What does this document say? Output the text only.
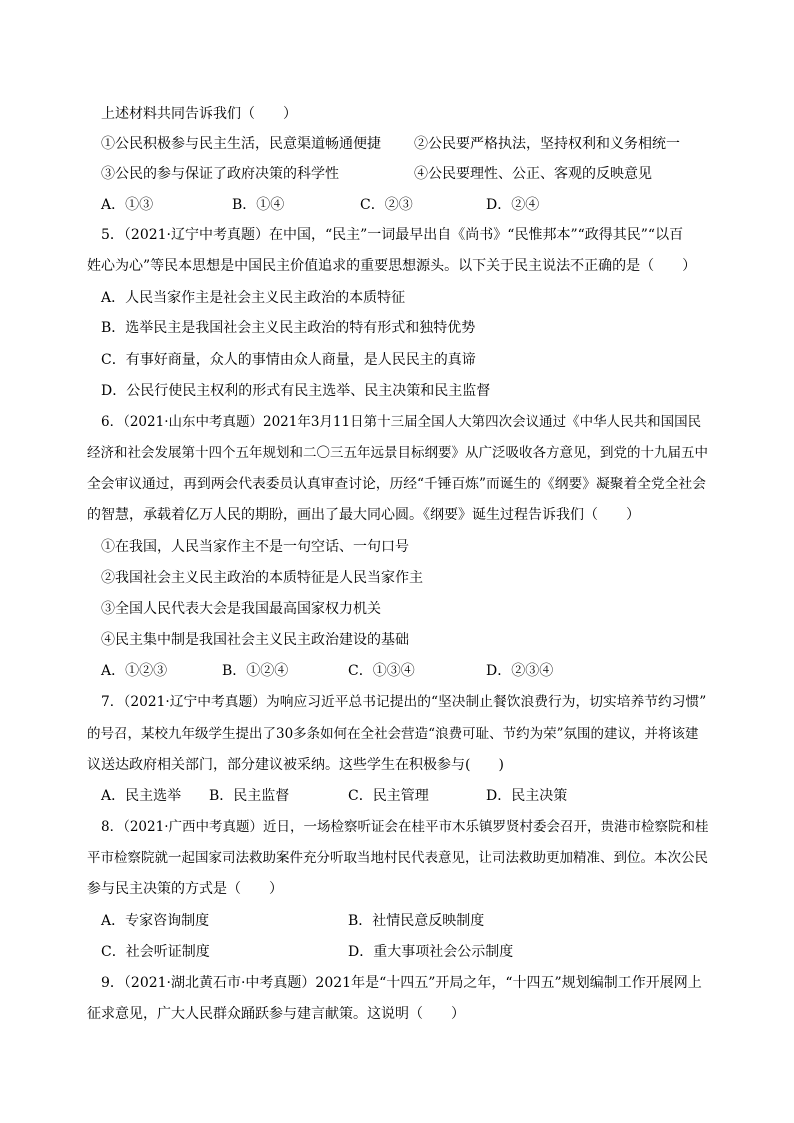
上述材料共同告诉我们（　　）
①公民积极参与民主生活，民意渠道畅通便捷 ②公民要严格执法，坚持权利和义务相统一
③公民的参与保证了政府决策的科学性	④公民要理性、公正、客观的反映意见
A．①③	B．①④	C．②③	D．②④
5．（2021·辽宁中考真题）在中国，“民主”一词最早出自《尚书》“民惟邦本”“政得其民”“以百
姓心为心”等民本思想是中国民主价值追求的重要思想源头。以下关于民主说法不正确的是（　　）
A．人民当家作主是社会主义民主政治的本质特征
B．选举民主是我国社会主义民主政治的特有形式和独特优势
C．有事好商量，众人的事情由众人商量，是人民民主的真谛
D．公民行使民主权利的形式有民主选举、民主决策和民主监督
6．（2021·山东中考真题）2021年3月11日第十三届全国人大第四次会议通过《中华人民共和国国民
经济和社会发展第十四个五年规划和二〇三五年远景目标纲要》从广泛吸收各方意见，到党的十九届五中
全会审议通过，再到两会代表委员认真审查讨论，历经“千锤百炼”而诞生的《纲要》凝聚着全党全社会
的智慧，承载着亿万人民的期盼，画出了最大同心圆。《纲要》诞生过程告诉我们（　　）
①在我国，人民当家作主不是一句空话、一句口号
②我国社会主义民主政治的本质特征是人民当家作主
③全国人民代表大会是我国最高国家权力机关
④民主集中制是我国社会主义民主政治建设的基础
A．①②③	B．①②④	C．①③④	D．②③④
7．（2021·辽宁中考真题）为响应习近平总书记提出的“坚决制止餐饮浪费行为，切实培养节约习惯”
的号召，某校九年级学生提出了30多条如何在全社会营造“浪费可耻、节约为荣”氛围的建议，并将该建
议送达政府相关部门，部分建议被采纳。这些学生在积极参与(　　)
A．民主选举 B．民主监督	C．民主管理	D．民主决策
8．（2021·广西中考真题）近日，一场检察听证会在桂平市木乐镇罗贤村委会召开，贵港市检察院和桂
平市检察院就一起国家司法救助案件充分听取当地村民代表意见，让司法救助更加精准、到位。本次公民
参与民主决策的方式是（　　）
A．专家咨询制度	B．社情民意反映制度
C．社会听证制度	D．重大事项社会公示制度
9．（2021·湖北黄石市·中考真题）2021年是“十四五”开局之年，“十四五”规划编制工作开展网上
征求意见，广大人民群众踊跃参与建言献策。这说明（　　）
